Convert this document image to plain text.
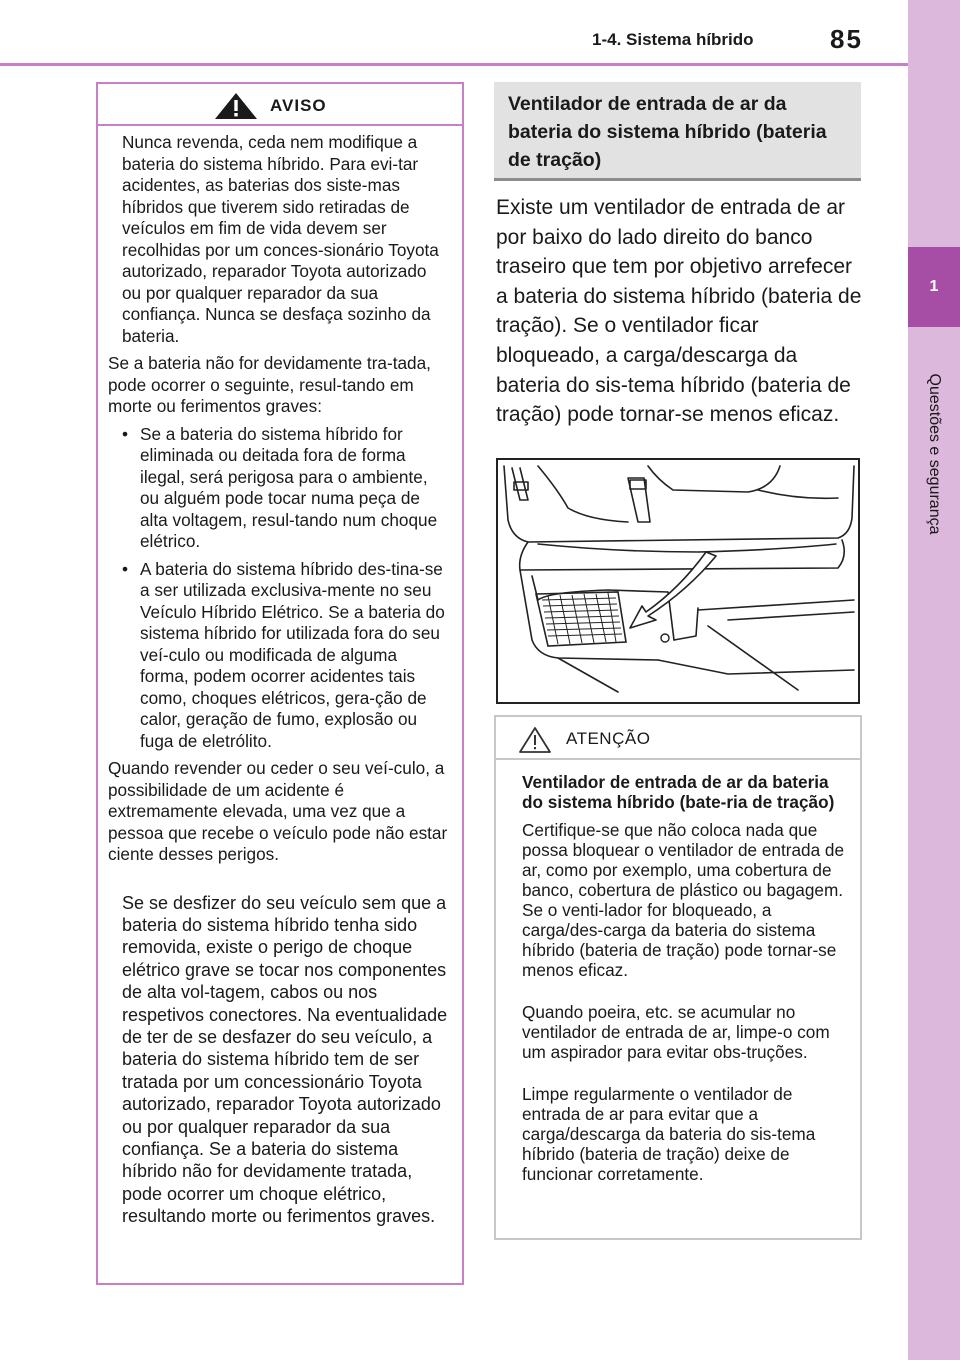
1-4. Sistema híbrido	85
1
Questões e segurança
AVISO
Nunca revenda, ceda nem modifique a bateria do sistema híbrido. Para evi-tar acidentes, as baterias dos siste-mas híbridos que tiverem sido retiradas de veículos em fim de vida devem ser recolhidas por um conces-sionário Toyota autorizado, reparador Toyota autorizado ou por qualquer reparador da sua confiança. Nunca se desfaça sozinho da bateria.
Se a bateria não for devidamente tra-tada, pode ocorrer o seguinte, resul-tando em morte ou ferimentos graves:
• Se a bateria do sistema híbrido for eliminada ou deitada fora de forma ilegal, será perigosa para o ambiente, ou alguém pode tocar numa peça de alta voltagem, resul-tando num choque elétrico.
• A bateria do sistema híbrido des-tina-se a ser utilizada exclusiva-mente no seu Veículo Híbrido Elétrico. Se a bateria do sistema híbrido for utilizada fora do seu veí-culo ou modificada de alguma forma, podem ocorrer acidentes tais como, choques elétricos, gera-ção de calor, geração de fumo, explosão ou fuga de eletrólito.
Quando revender ou ceder o seu veí-culo, a possibilidade de um acidente é extremamente elevada, uma vez que a pessoa que recebe o veículo pode não estar ciente desses perigos.
Se se desfizer do seu veículo sem que a bateria do sistema híbrido tenha sido removida, existe o perigo de choque elétrico grave se tocar nos componentes de alta vol-tagem, cabos ou nos respetivos conectores. Na eventualidade de ter de se desfazer do seu veículo, a bateria do sistema híbrido tem de ser tratada por um concessionário Toyota autorizado, reparador Toyota autorizado ou por qualquer reparador da sua confiança. Se a bateria do sistema híbrido não for devidamente tratada, pode ocorrer um choque elétrico, resultando morte ou ferimentos graves.
Ventilador de entrada de ar da bateria do sistema híbrido (bateria de tração)
Existe um ventilador de entrada de ar por baixo do lado direito do banco traseiro que tem por objetivo arrefecer a bateria do sistema híbrido (bateria de tração). Se o ventilador ficar bloqueado, a carga/descarga da bateria do sis-tema híbrido (bateria de tração) pode tornar-se menos eficaz.
ATENÇÃO
Ventilador de entrada de ar da bateria do sistema híbrido (bate-ria de tração)
Certifique-se que não coloca nada que possa bloquear o ventilador de entrada de ar, como por exemplo, uma cobertura de banco, cobertura de plástico ou bagagem. Se o venti-lador for bloqueado, a carga/des-carga da bateria do sistema híbrido (bateria de tração) pode tornar-se menos eficaz.
Quando poeira, etc. se acumular no ventilador de entrada de ar, limpe-o com um aspirador para evitar obs-truções.
Limpe regularmente o ventilador de entrada de ar para evitar que a carga/descarga da bateria do sis-tema híbrido (bateria de tração) deixe de funcionar corretamente.
